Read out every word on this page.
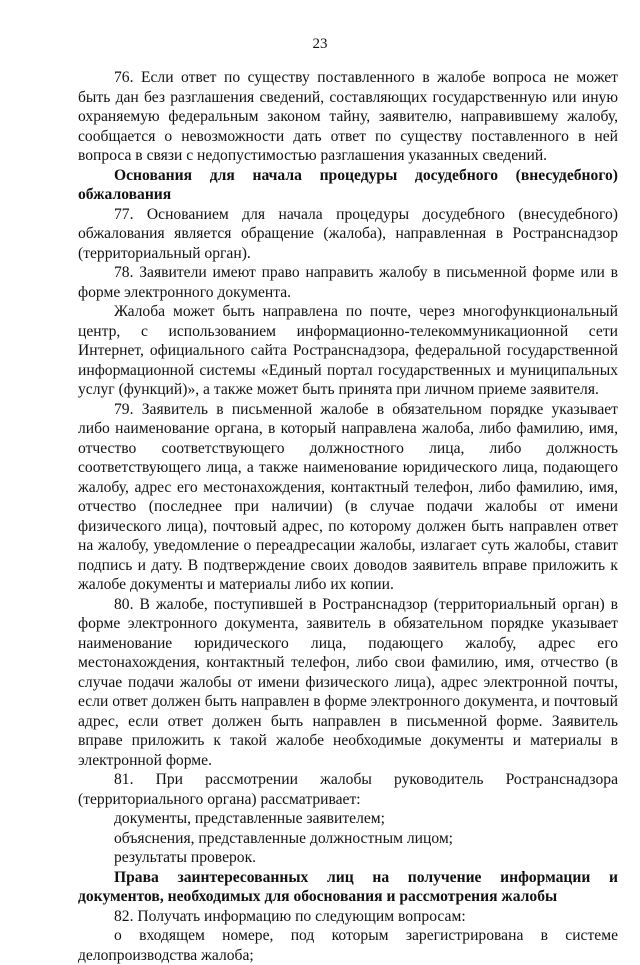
23

76. Если ответ по существу поставленного в жалобе вопроса не может быть дан без разглашения сведений, составляющих государственную или иную охраняемую федеральным законом тайну, заявителю, направившему жалобу, сообщается о невозможности дать ответ по существу поставленного в ней вопроса в связи с недопустимостью разглашения указанных сведений.

Основания для начала процедуры досудебного (внесудебного) обжалования

77. Основанием для начала процедуры досудебного (внесудебного) обжалования является обращение (жалоба), направленная в Ространснадзор (территориальный орган).

78. Заявители имеют право направить жалобу в письменной форме или в форме электронного документа.

Жалоба может быть направлена по почте, через многофункциональный центр, с использованием информационно-телекоммуникационной сети Интернет, официального сайта Ространснадзора, федеральной государственной информационной системы «Единый портал государственных и муниципальных услуг (функций)», а также может быть принята при личном приеме заявителя.

79. Заявитель в письменной жалобе в обязательном порядке указывает либо наименование органа, в который направлена жалоба, либо фамилию, имя, отчество соответствующего должностного лица, либо должность соответствующего лица, а также наименование юридического лица, подающего жалобу, адрес его местонахождения, контактный телефон, либо фамилию, имя, отчество (последнее при наличии) (в случае подачи жалобы от имени физического лица), почтовый адрес, по которому должен быть направлен ответ на жалобу, уведомление о переадресации жалобы, излагает суть жалобы, ставит подпись и дату. В подтверждение своих доводов заявитель вправе приложить к жалобе документы и материалы либо их копии.

80. В жалобе, поступившей в Ространснадзор (территориальный орган) в форме электронного документа, заявитель в обязательном порядке указывает наименование юридического лица, подающего жалобу, адрес его местонахождения, контактный телефон, либо свои фамилию, имя, отчество (в случае подачи жалобы от имени физического лица), адрес электронной почты, если ответ должен быть направлен в форме электронного документа, и почтовый адрес, если ответ должен быть направлен в письменной форме. Заявитель вправе приложить к такой жалобе необходимые документы и материалы в электронной форме.

81. При рассмотрении жалобы руководитель Ространснадзора (территориального органа) рассматривает:

документы, представленные заявителем;

объяснения, представленные должностным лицом;

результаты проверок.

Права заинтересованных лиц на получение информации и документов, необходимых для обоснования и рассмотрения жалобы

82. Получать информацию по следующим вопросам:

о входящем номере, под которым зарегистрирована в системе делопроизводства жалоба;
